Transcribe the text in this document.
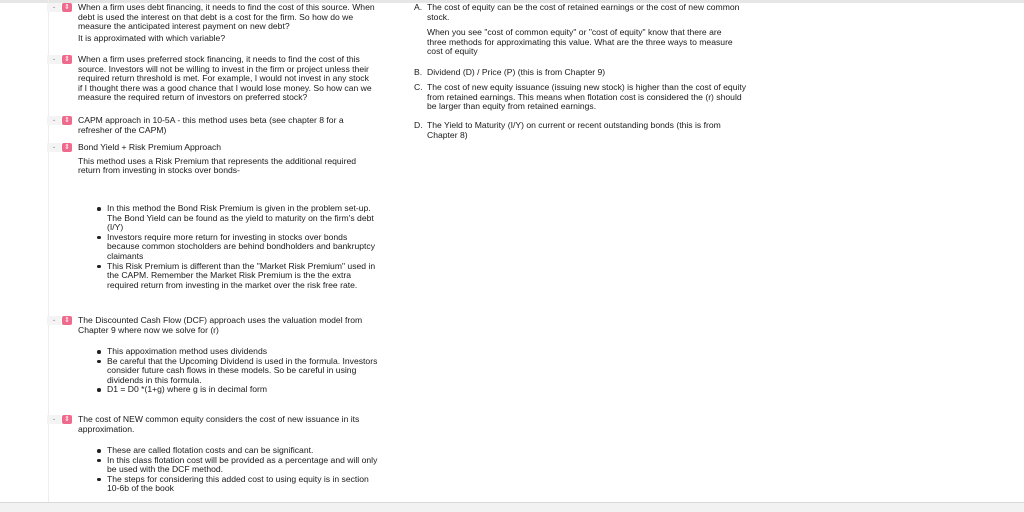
-	⇕ When a firm uses debt financing, it needs to find the cost of this source. When

debt is used the interest on that debt is a cost for the firm. So how do we

measure the anticipated interest payment on new debt?

It is approximated with which variable?

-	⇕ When a firm uses preferred stock financing, it needs to find the cost of this

source. Investors will not be willing to invest in the firm or project unless their

required return threshold is met. For example, I would not invest in any stock

if I thought there was a good chance that I would lose money. So how can we

measure the required return of investors on preferred stock?

-	⇕ CAPM approach in 10-5A - this method uses beta (see chapter 8 for a

refresher of the CAPM)

-	⇕ Bond Yield + Risk Premium Approach

This method uses a Risk Premium that represents the additional required

return from investing in stocks over bonds-

In this method the Bond Risk Premium is given in the problem set-up.

The Bond Yield can be found as the yield to maturity on the firm's debt

(I/Y)

Investors require more return for investing in stocks over bonds

because common stocholders are behind bondholders and bankruptcy

claimants

This Risk Premium is different than the "Market Risk Premium" used in

the CAPM. Remember the Market Risk Premium is the the extra

required return from investing in the market over the risk free rate.

-	⇕ The Discounted Cash Flow (DCF) approach uses the valuation model from

Chapter 9 where now we solve for (r)

This appoximation method uses dividends

Be careful that the Upcoming Dividend is used in the formula. Investors

consider future cash flows in these models. So be careful in using

dividends in this formula.

D1 = D0 *(1+g) where g is in decimal form

-	⇕ The cost of NEW common equity considers the cost of new issuance in its

approximation.

These are called flotation costs and can be significant.

In this class flotation cost will be provided as a percentage and will only

be used with the DCF method.

The steps for considering this added cost to using equity is in section

10-6b of the book

A. The cost of equity can be the cost of retained earnings or the cost of new common

stock.

When you see "cost of common equity" or "cost of equity" know that there are

three methods for approximating this value. What are the three ways to measure

cost of equity

B. Dividend (D) / Price (P) (this is from Chapter 9)

C. The cost of new equity issuance (issuing new stock) is higher than the cost of equity

from retained earnings. This means when flotation cost is considered the (r) should

be larger than equity from retained earnings.

D. The Yield to Maturity (I/Y) on current or recent outstanding bonds (this is from

Chapter 8)
